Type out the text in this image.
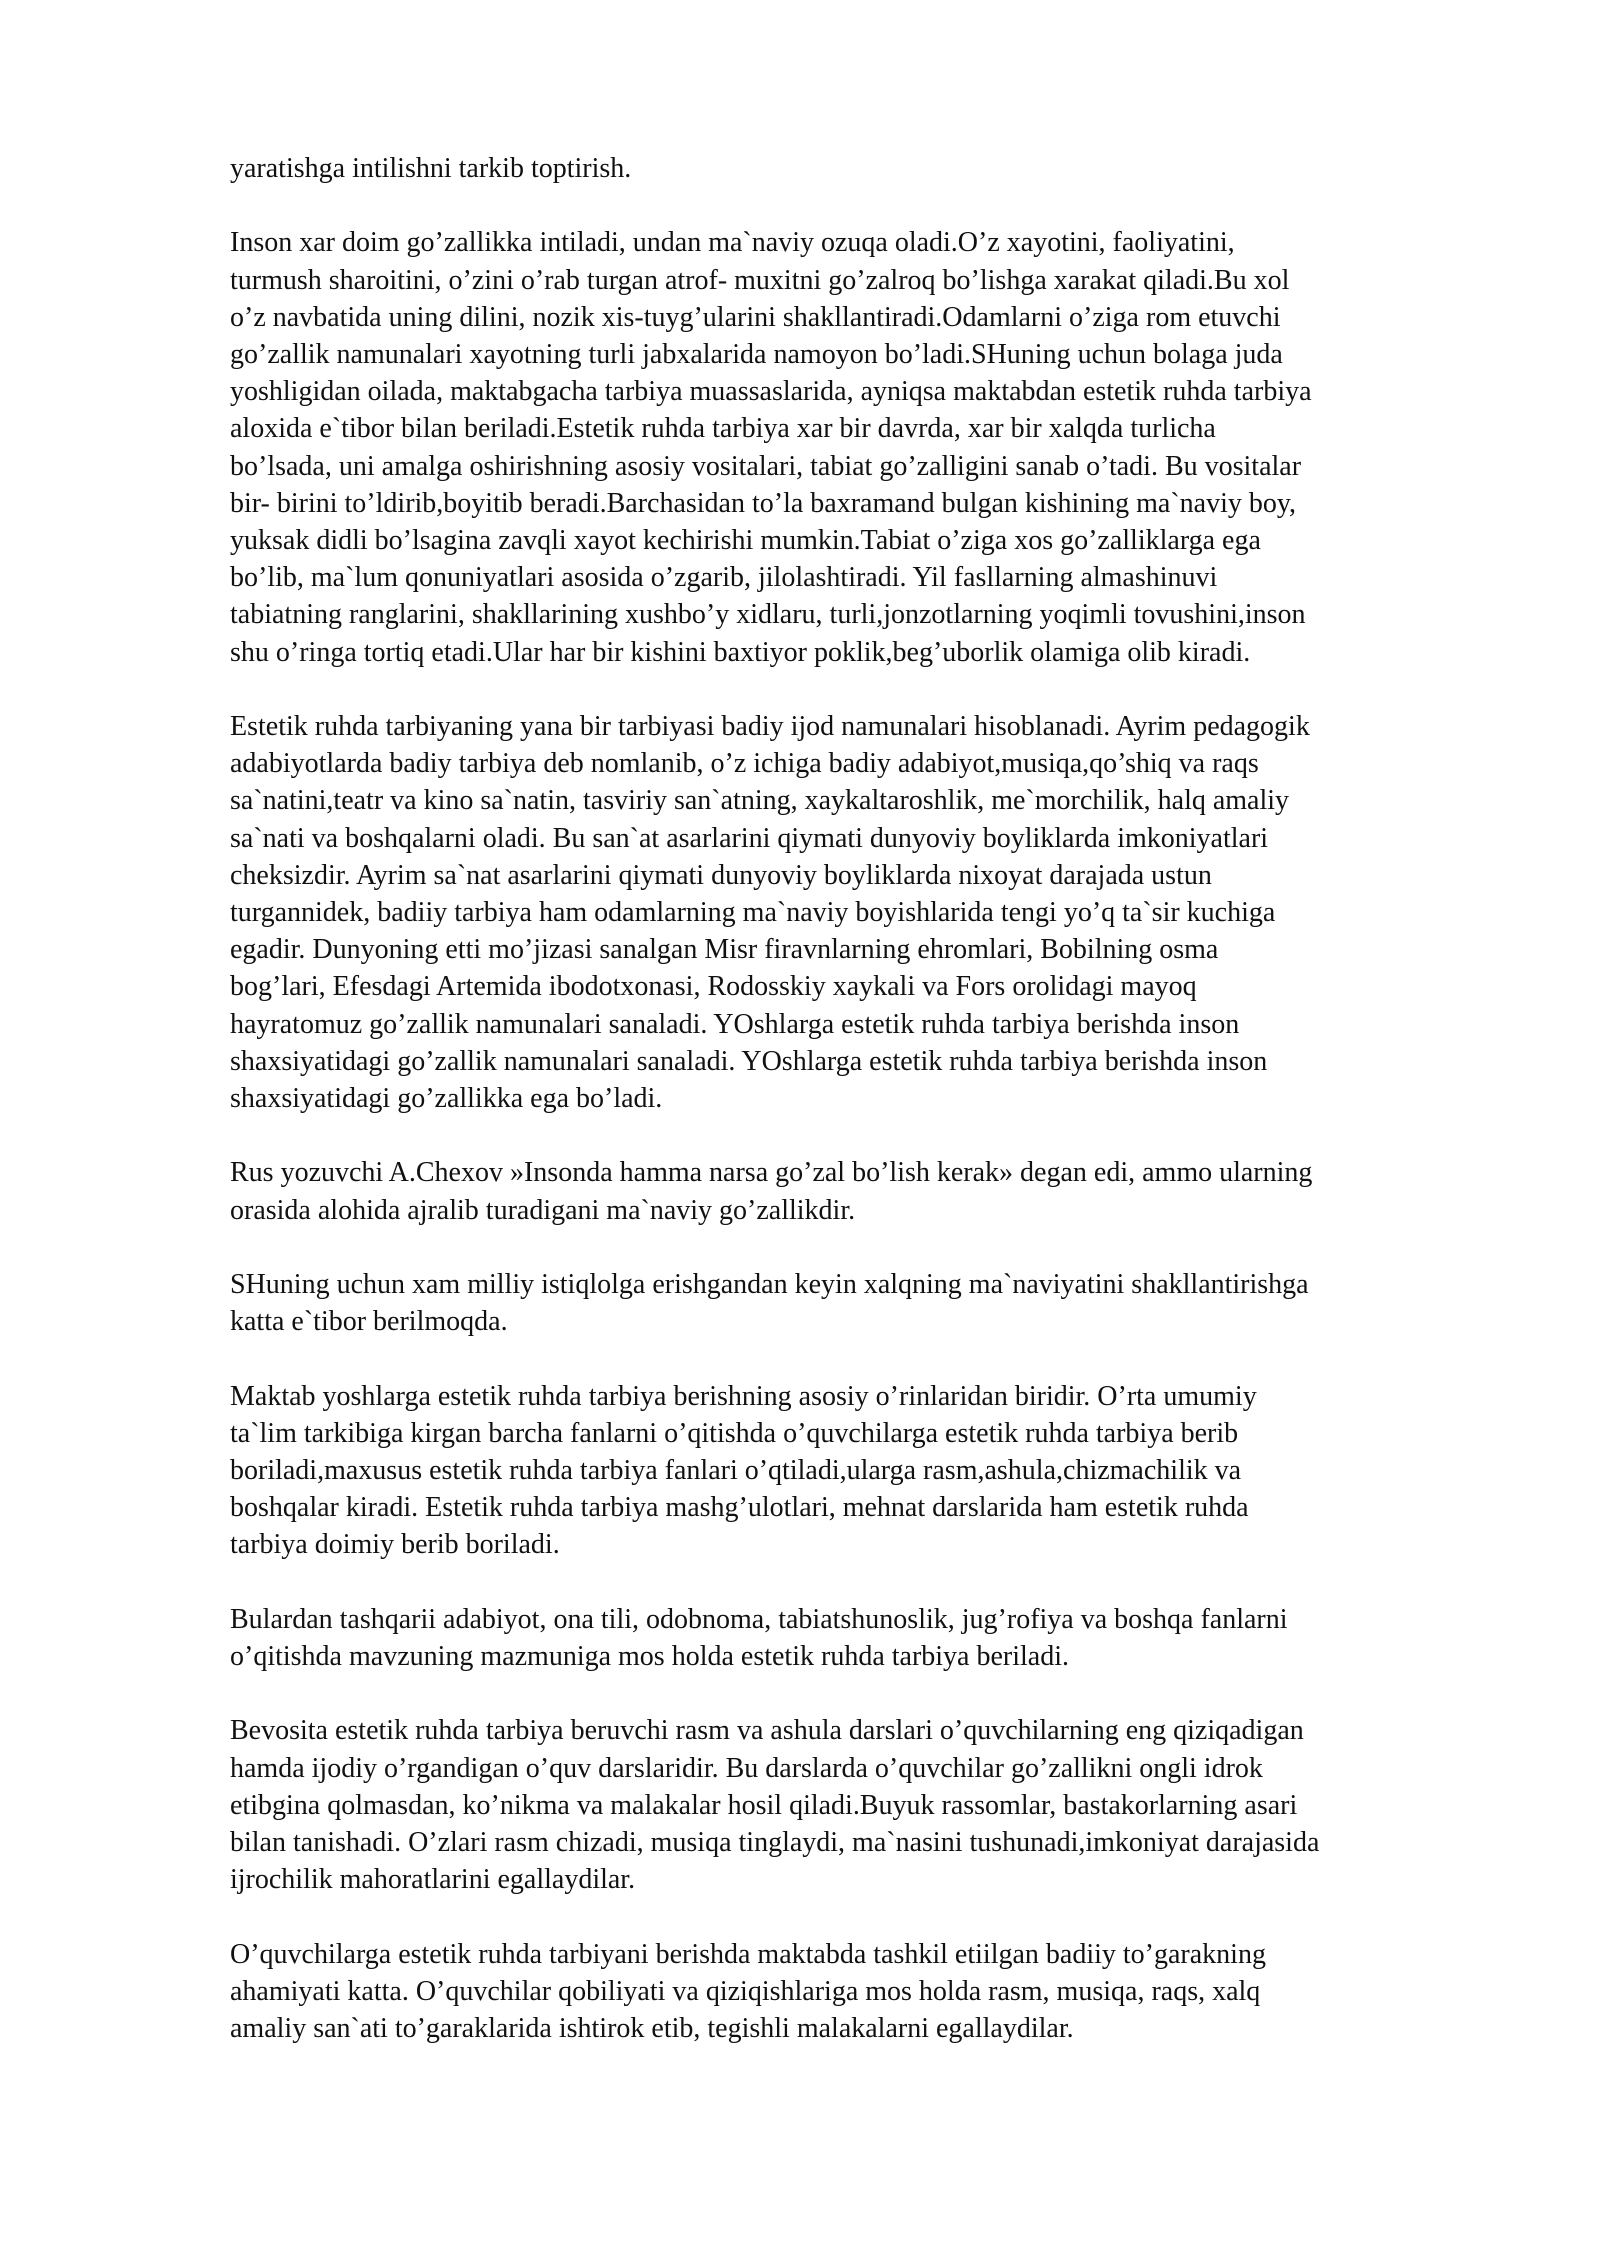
yaratishga intilishni tarkib toptirish.

Inson xar doim go’zallikka intiladi, undan ma`naviy ozuqa oladi.O’z xayotini, faoliyatini,
turmush sharoitini, o’zini o’rab turgan atrof- muxitni go’zalroq bo’lishga xarakat qiladi.Bu xol
o’z navbatida uning dilini, nozik xis-tuyg’ularini shakllantiradi.Odamlarni o’ziga rom etuvchi
go’zallik namunalari xayotning turli jabxalarida namoyon bo’ladi.SHuning uchun bolaga juda
yoshligidan oilada, maktabgacha tarbiya muassaslarida, ayniqsa maktabdan estetik ruhda tarbiya
aloxida e`tibor bilan beriladi.Estetik ruhda tarbiya xar bir davrda, xar bir xalqda turlicha
bo’lsada, uni amalga oshirishning asosiy vositalari, tabiat go’zalligini sanab o’tadi. Bu vositalar
bir- birini to’ldirib,boyitib beradi.Barchasidan to’la baxramand bulgan kishining ma`naviy boy,
yuksak didli bo’lsagina zavqli xayot kechirishi mumkin.Tabiat o’ziga xos go’zalliklarga ega
bo’lib, ma`lum qonuniyatlari asosida o’zgarib, jilolashtiradi. Yil fasllarning almashinuvi
tabiatning ranglarini, shakllarining xushbo’y xidlaru, turli,jonzotlarning yoqimli tovushini,inson
shu o’ringa tortiq etadi.Ular har bir kishini baxtiyor poklik,beg’uborlik olamiga olib kiradi.

Estetik ruhda tarbiyaning yana bir tarbiyasi badiy ijod namunalari hisoblanadi. Ayrim pedagogik
adabiyotlarda badiy tarbiya deb nomlanib, o’z ichiga badiy adabiyot,musiqa,qo’shiq va raqs
sa`natini,teatr va kino sa`natin, tasviriy san`atning, xaykaltaroshlik, me`morchilik, halq amaliy
sa`nati va boshqalarni oladi. Bu san`at asarlarini qiymati dunyoviy boyliklarda imkoniyatlari
cheksizdir. Ayrim sa`nat asarlarini qiymati dunyoviy boyliklarda nixoyat darajada ustun
turgannidek, badiiy tarbiya ham odamlarning ma`naviy boyishlarida tengi yo’q ta`sir kuchiga
egadir. Dunyoning etti mo’jizasi sanalgan Misr firavnlarning ehromlari, Bobilning osma
bog’lari, Efesdagi Artemida ibodotxonasi, Rodosskiy xaykali va Fors orolidagi mayoq
hayratomuz go’zallik namunalari sanaladi. YOshlarga estetik ruhda tarbiya berishda inson
shaxsiyatidagi go’zallik namunalari sanaladi. YOshlarga estetik ruhda tarbiya berishda inson
shaxsiyatidagi go’zallikka ega bo’ladi.

Rus yozuvchi A.Chexov »Insonda hamma narsa go’zal bo’lish kerak» degan edi, ammo ularning
orasida alohida ajralib turadigani ma`naviy go’zallikdir.

SHuning uchun xam milliy istiqlolga erishgandan keyin xalqning ma`naviyatini shakllantirishga
katta e`tibor berilmoqda.

Maktab yoshlarga estetik ruhda tarbiya berishning asosiy o’rinlaridan biridir. O’rta umumiy
ta`lim tarkibiga kirgan barcha fanlarni o’qitishda o’quvchilarga estetik ruhda tarbiya berib
boriladi,maxusus estetik ruhda tarbiya fanlari o’qtiladi,ularga rasm,ashula,chizmachilik va
boshqalar kiradi. Estetik ruhda tarbiya mashg’ulotlari, mehnat darslarida ham estetik ruhda
tarbiya doimiy berib boriladi.

Bulardan tashqarii adabiyot, ona tili, odobnoma, tabiatshunoslik, jug’rofiya va boshqa fanlarni
o’qitishda mavzuning mazmuniga mos holda estetik ruhda tarbiya beriladi.

Bevosita estetik ruhda tarbiya beruvchi rasm va ashula darslari o’quvchilarning eng qiziqadigan
hamda ijodiy o’rgandigan o’quv darslaridir. Bu darslarda o’quvchilar go’zallikni ongli idrok
etibgina qolmasdan, ko’nikma va malakalar hosil qiladi.Buyuk rassomlar, bastakorlarning asari
bilan tanishadi. O’zlari rasm chizadi, musiqa tinglaydi, ma`nasini tushunadi,imkoniyat darajasida
ijrochilik mahoratlarini egallaydilar.

O’quvchilarga estetik ruhda tarbiyani berishda maktabda tashkil etiilgan badiiy to’garakning
ahamiyati katta. O’quvchilar qobiliyati va qiziqishlariga mos holda rasm, musiqa, raqs, xalq
amaliy san`ati to’garaklarida ishtirok etib, tegishli malakalarni egallaydilar.
